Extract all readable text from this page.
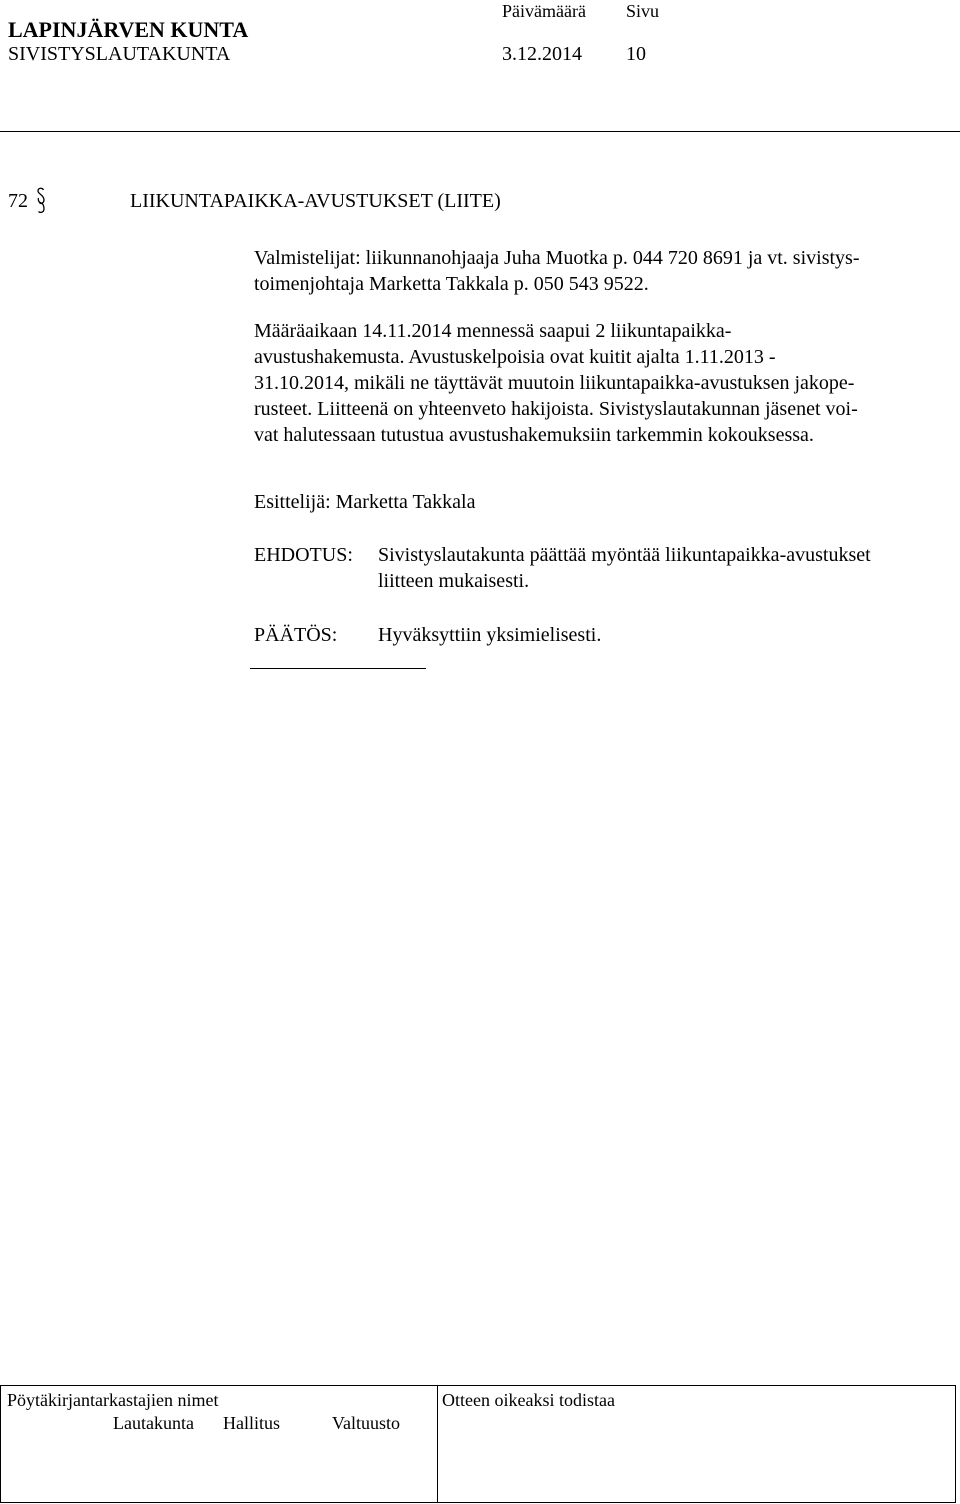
LAPINJÄRVEN KUNTA
Päivämäärä Sivu
SIVISTYSLAUTAKUNTA	3.12.2014 10
72	LIIKUNTAPAIKKA-AVUSTUKSET (LIITE)
Valmistelijat: liikunnanohjaaja Juha Muotka p. 044 720 8691 ja vt. sivistys-
toimenjohtaja Marketta Takkala p. 050 543 9522.
Määräaikaan 14.11.2014 mennessä saapui 2 liikuntapaikka-
avustushakemusta. Avustuskelpoisia ovat kuitit ajalta 1.11.2013 -
31.10.2014, mikäli ne täyttävät muutoin liikuntapaikka-avustuksen jakope-
rusteet. Liitteenä on yhteenveto hakijoista. Sivistyslautakunnan jäsenet voi-
vat halutessaan tutustua avustushakemuksiin tarkemmin kokouksessa.
Esittelijä: Marketta Takkala
EHDOTUS: Sivistyslautakunta päättää myöntää liikuntapaikka-avustukset
liitteen mukaisesti.
PÄÄTÖS: Hyväksyttiin yksimielisesti.
Pöytäkirjantarkastajien nimet	Otteen oikeaksi todistaa
Lautakunta Hallitus	Valtuusto
